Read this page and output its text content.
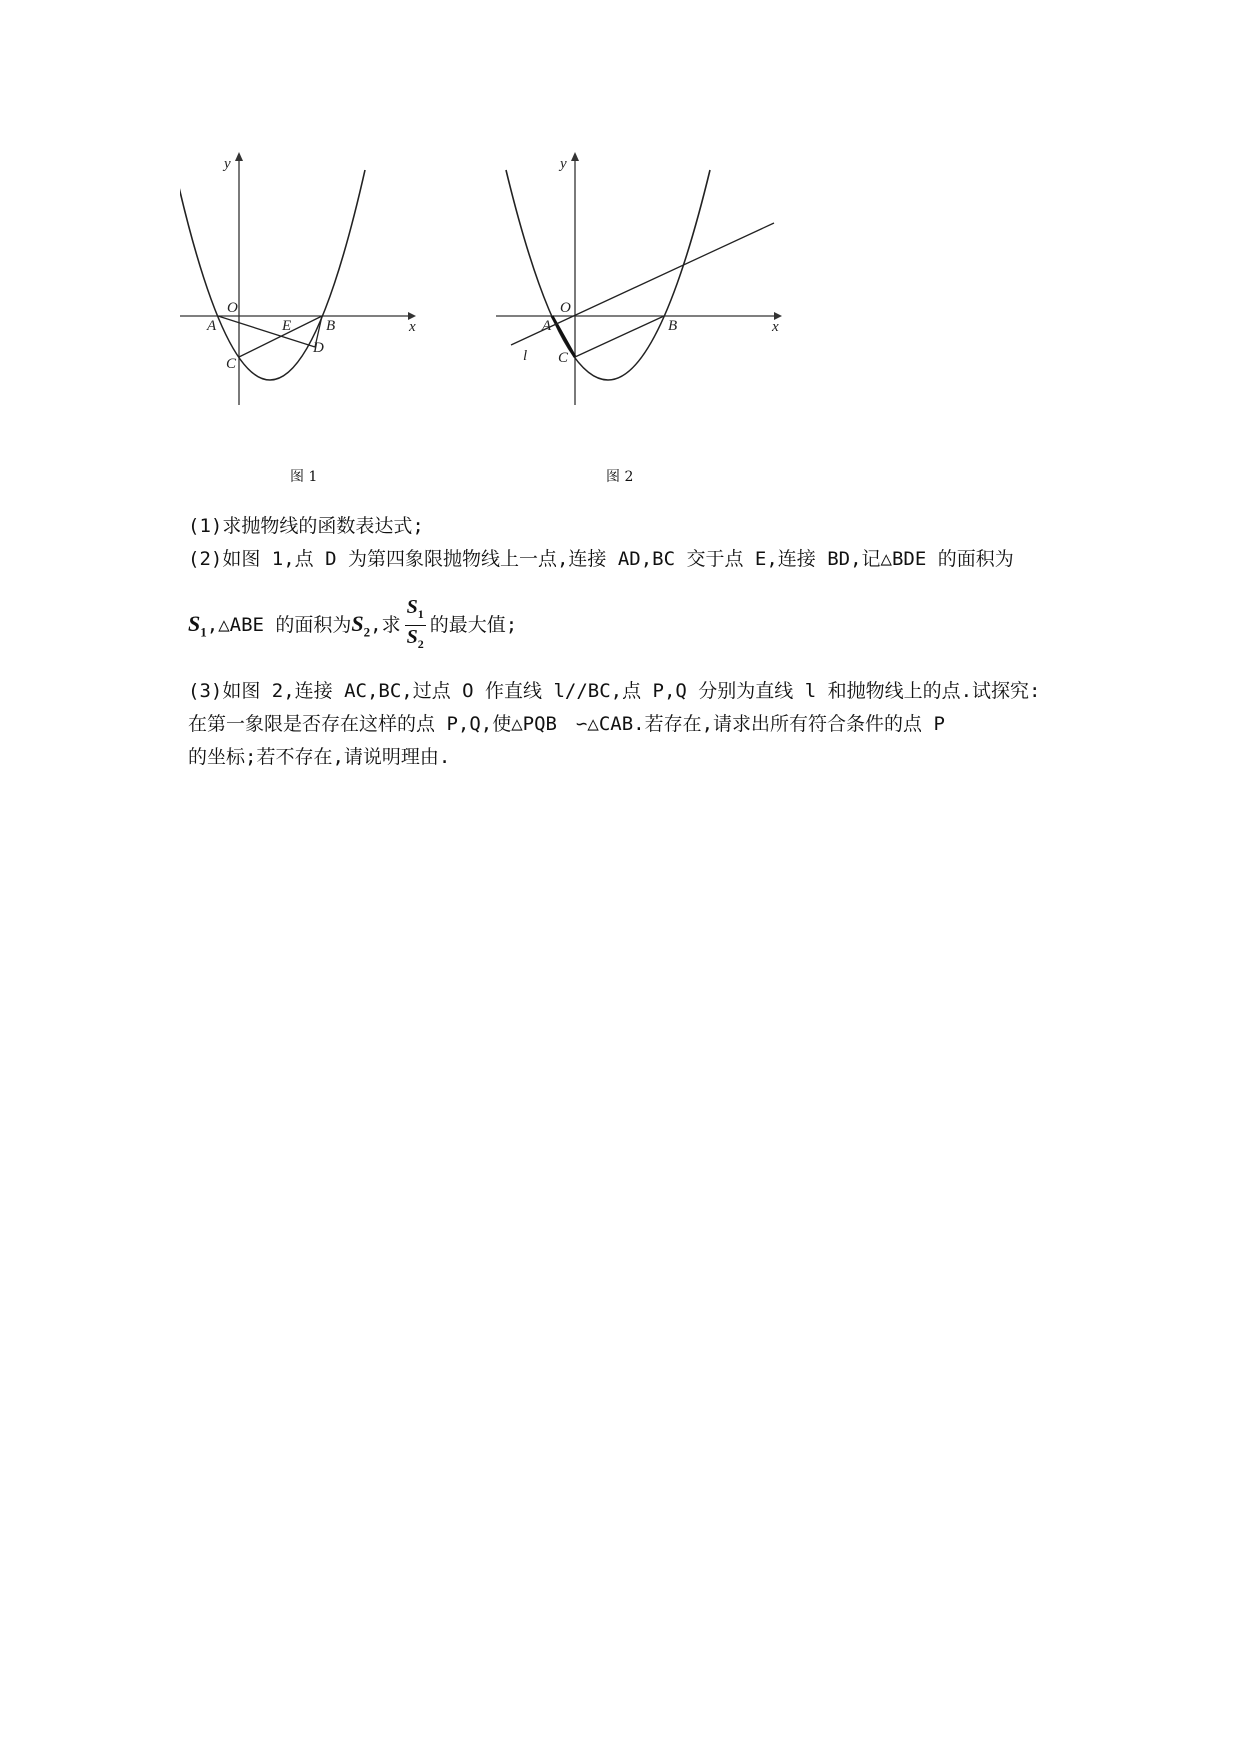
y
x
O
A	B
C
D
E
图 1
y
x
O
A	B
C
l
图 2
(1)求抛物线的函数表达式;
(2)如图 1,点 D 为第四象限抛物线上一点,连接 AD,BC 交于点 E,连接 BD,记△BDE 的面积为
$S_1,\triangle ABE$ 的面积为$S_2$,求 $\frac{S_1}{S_2}$ 的最大值;
(3)如图 2,连接 AC,BC,过点 O 作直线 l//BC,点 P,Q 分别为直线 l 和抛物线上的点.试探究:
在第一象限是否存在这样的点 P,Q,使△PQB　∽△CAB.若存在,请求出所有符合条件的点 P
的坐标;若不存在,请说明理由.
